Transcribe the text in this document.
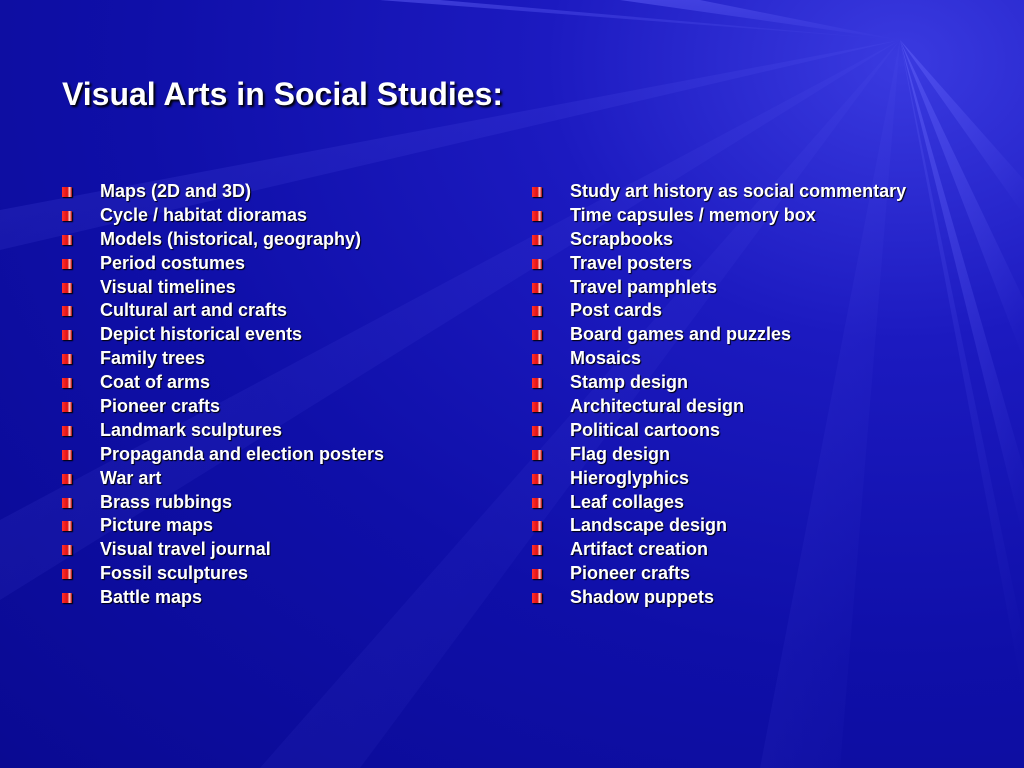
Visual Arts in Social Studies:
Maps (2D and 3D)
Cycle / habitat dioramas
Models (historical, geography)
Period costumes
Visual timelines
Cultural art and crafts
Depict historical events
Family trees
Coat of arms
Pioneer crafts
Landmark sculptures
Propaganda and election posters
War art
Brass rubbings
Picture maps
Visual travel journal
Fossil sculptures
Battle maps
Study art history as social commentary
Time capsules / memory box
Scrapbooks
Travel posters
Travel pamphlets
Post cards
Board games and puzzles
Mosaics
Stamp design
Architectural design
Political cartoons
Flag design
Hieroglyphics
Leaf collages
Landscape design
Artifact creation
Pioneer crafts
Shadow puppets
